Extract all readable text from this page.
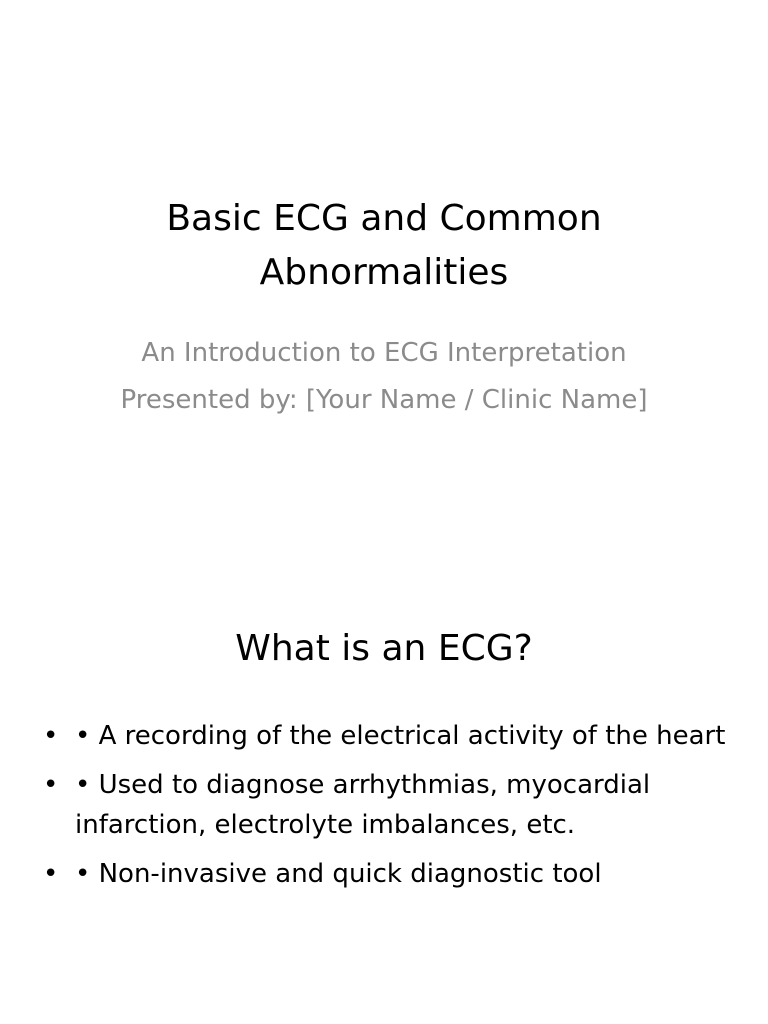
Basic ECG and Common Abnormalities

An Introduction to ECG Interpretation

Presented by: [Your Name / Clinic Name]

What is an ECG?
• • A recording of the electrical activity of the heart
• • Used to diagnose arrhythmias, myocardial infarction, electrolyte imbalances, etc.
• • Non-invasive and quick diagnostic tool
